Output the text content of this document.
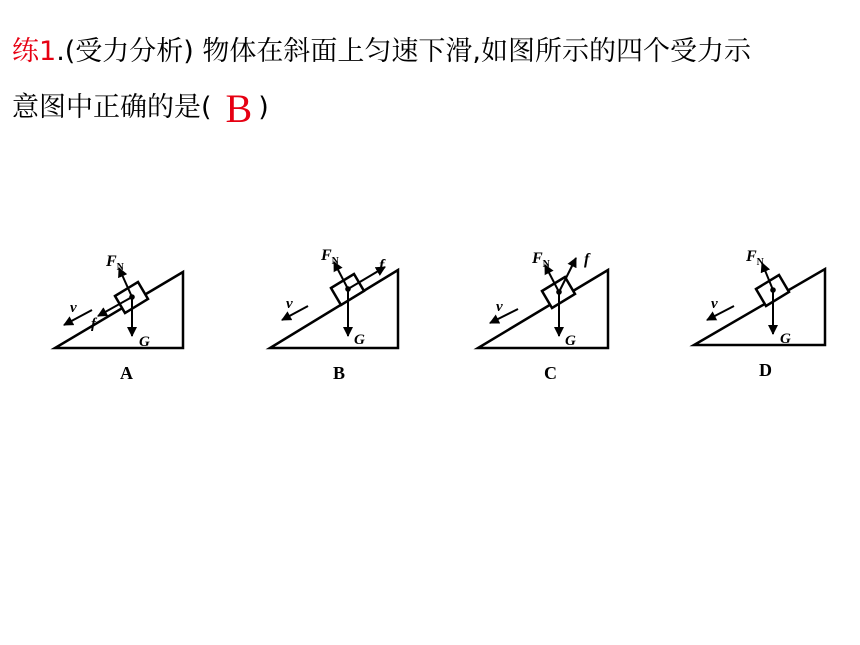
练1.(受力分析) 物体在斜面上匀速下滑,如图所示的四个受力示
意图中正确的是( B )
$F_N$
v
f
G
A
$F_N$
v
f
G
B
$F_N$
v
f
G
C
$F_N$
v
G
D
